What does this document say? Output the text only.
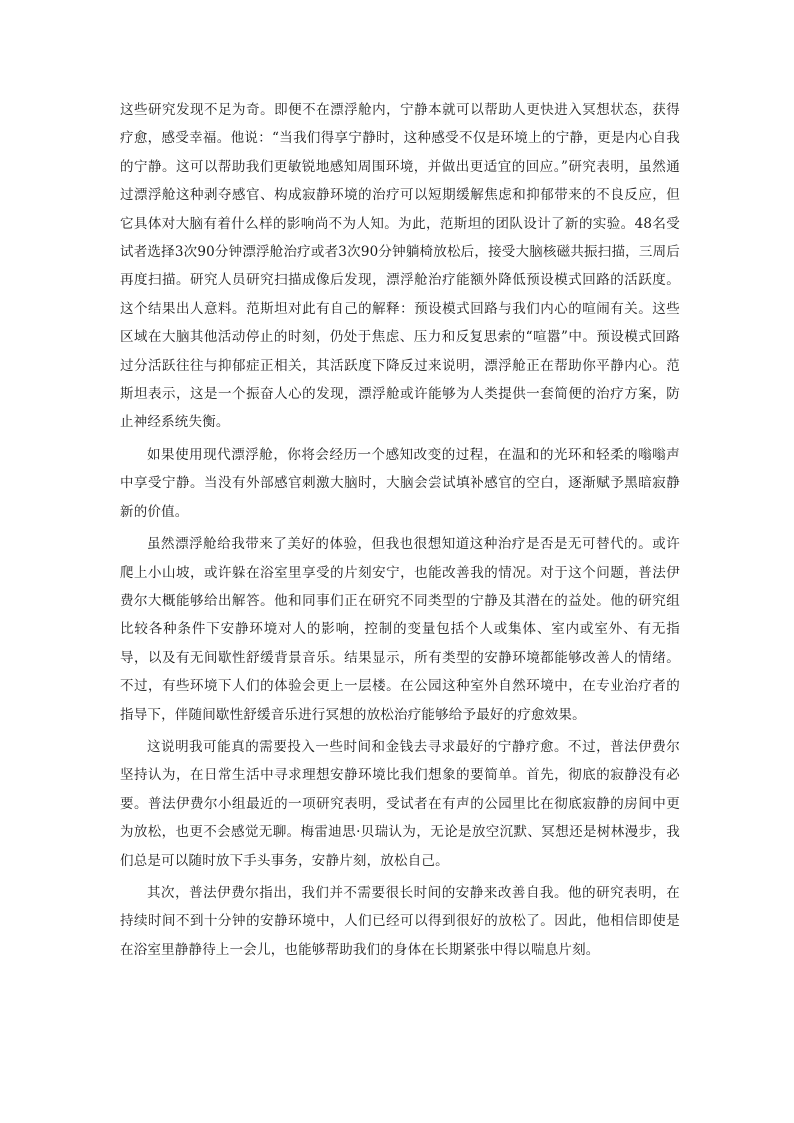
这些研究发现不足为奇。即便不在漂浮舱内，宁静本就可以帮助人更快进入冥想状态，获得疗愈，感受幸福。他说：“当我们得享宁静时，这种感受不仅是环境上的宁静，更是内心自我的宁静。这可以帮助我们更敏锐地感知周围环境，并做出更适宜的回应。”研究表明，虽然通过漂浮舱这种剥夺感官、构成寂静环境的治疗可以短期缓解焦虑和抑郁带来的不良反应，但它具体对大脑有着什么样的影响尚不为人知。为此，范斯坦的团队设计了新的实验。48名受试者选择3次90分钟漂浮舱治疗或者3次90分钟躺椅放松后，接受大脑核磁共振扫描，三周后再度扫描。研究人员研究扫描成像后发现，漂浮舱治疗能额外降低预设模式回路的活跃度。这个结果出人意料。范斯坦对此有自己的解释：预设模式回路与我们内心的喧闹有关。这些区域在大脑其他活动停止的时刻，仍处于焦虑、压力和反复思索的“喧嚣”中。预设模式回路过分活跃往往与抑郁症正相关，其活跃度下降反过来说明，漂浮舱正在帮助你平静内心。范斯坦表示，这是一个振奋人心的发现，漂浮舱或许能够为人类提供一套简便的治疗方案，防止神经系统失衡。

如果使用现代漂浮舱，你将会经历一个感知改变的过程，在温和的光环和轻柔的嗡嗡声中享受宁静。当没有外部感官刺激大脑时，大脑会尝试填补感官的空白，逐渐赋予黑暗寂静新的价值。

虽然漂浮舱给我带来了美好的体验，但我也很想知道这种治疗是否是无可替代的。或许爬上小山坡，或许躲在浴室里享受的片刻安宁，也能改善我的情况。对于这个问题，普法伊费尔大概能够给出解答。他和同事们正在研究不同类型的宁静及其潜在的益处。他的研究组比较各种条件下安静环境对人的影响，控制的变量包括个人或集体、室内或室外、有无指导，以及有无间歇性舒缓背景音乐。结果显示，所有类型的安静环境都能够改善人的情绪。不过，有些环境下人们的体验会更上一层楼。在公园这种室外自然环境中，在专业治疗者的指导下，伴随间歇性舒缓音乐进行冥想的放松治疗能够给予最好的疗愈效果。

这说明我可能真的需要投入一些时间和金钱去寻求最好的宁静疗愈。不过，普法伊费尔坚持认为，在日常生活中寻求理想安静环境比我们想象的要简单。首先，彻底的寂静没有必要。普法伊费尔小组最近的一项研究表明，受试者在有声的公园里比在彻底寂静的房间中更为放松，也更不会感觉无聊。梅雷迪思·贝瑞认为，无论是放空沉默、冥想还是树林漫步，我们总是可以随时放下手头事务，安静片刻，放松自己。

其次，普法伊费尔指出，我们并不需要很长时间的安静来改善自我。他的研究表明，在持续时间不到十分钟的安静环境中，人们已经可以得到很好的放松了。因此，他相信即使是在浴室里静静待上一会儿，也能够帮助我们的身体在长期紧张中得以喘息片刻。
